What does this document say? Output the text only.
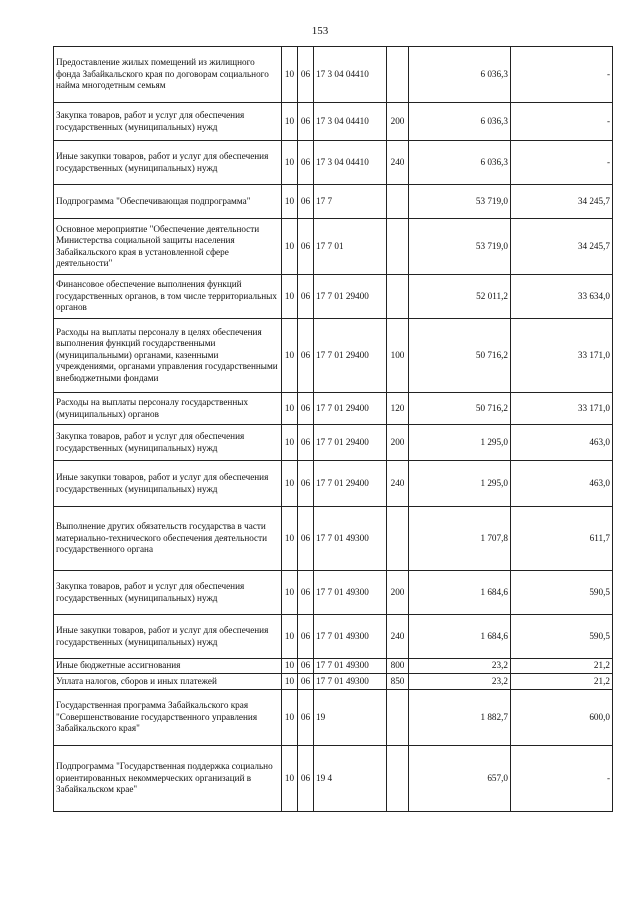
153
Предоставление жилых помещений из жилищного фонда Забайкальского края по договорам социального найма многодетным семьям	10	06	17 3 04 04410		6 036,3	-
Закупка товаров, работ и услуг для обеспечения государственных (муниципальных) нужд	10	06	17 3 04 04410	200	6 036,3	-
Иные закупки товаров, работ и услуг для обеспечения государственных (муниципальных) нужд	10	06	17 3 04 04410	240	6 036,3	-
Подпрограмма "Обеспечивающая подпрограмма"	10	06	17 7		53 719,0	34 245,7
Основное мероприятие "Обеспечение деятельности Министерства социальной защиты населения Забайкальского края в установленной сфере деятельности"	10	06	17 7 01		53 719,0	34 245,7
Финансовое обеспечение выполнения функций государственных органов, в том числе территориальных органов	10	06	17 7 01 29400		52 011,2	33 634,0
Расходы на выплаты персоналу в целях обеспечения выполнения функций государственными (муниципальными) органами, казенными учреждениями, органами управления государственными внебюджетными фондами	10	06	17 7 01 29400	100	50 716,2	33 171,0
Расходы на выплаты персоналу государственных (муниципальных) органов	10	06	17 7 01 29400	120	50 716,2	33 171,0
Закупка товаров, работ и услуг для обеспечения государственных (муниципальных) нужд	10	06	17 7 01 29400	200	1 295,0	463,0
Иные закупки товаров, работ и услуг для обеспечения государственных (муниципальных) нужд	10	06	17 7 01 29400	240	1 295,0	463,0
Выполнение других обязательств государства в части материально-технического обеспечения деятельности государственного органа	10	06	17 7 01 49300		1 707,8	611,7
Закупка товаров, работ и услуг для обеспечения государственных (муниципальных) нужд	10	06	17 7 01 49300	200	1 684,6	590,5
Иные закупки товаров, работ и услуг для обеспечения государственных (муниципальных) нужд	10	06	17 7 01 49300	240	1 684,6	590,5
Иные бюджетные ассигнования	10	06	17 7 01 49300	800	23,2	21,2
Уплата налогов, сборов и иных платежей	10	06	17 7 01 49300	850	23,2	21,2
Государственная программа Забайкальского края "Совершенствование государственного управления Забайкальского края"	10	06	19		1 882,7	600,0
Подпрограмма "Государственная поддержка социально ориентированных некоммерческих организаций в Забайкальском крае"	10	06	19 4		657,0	-
